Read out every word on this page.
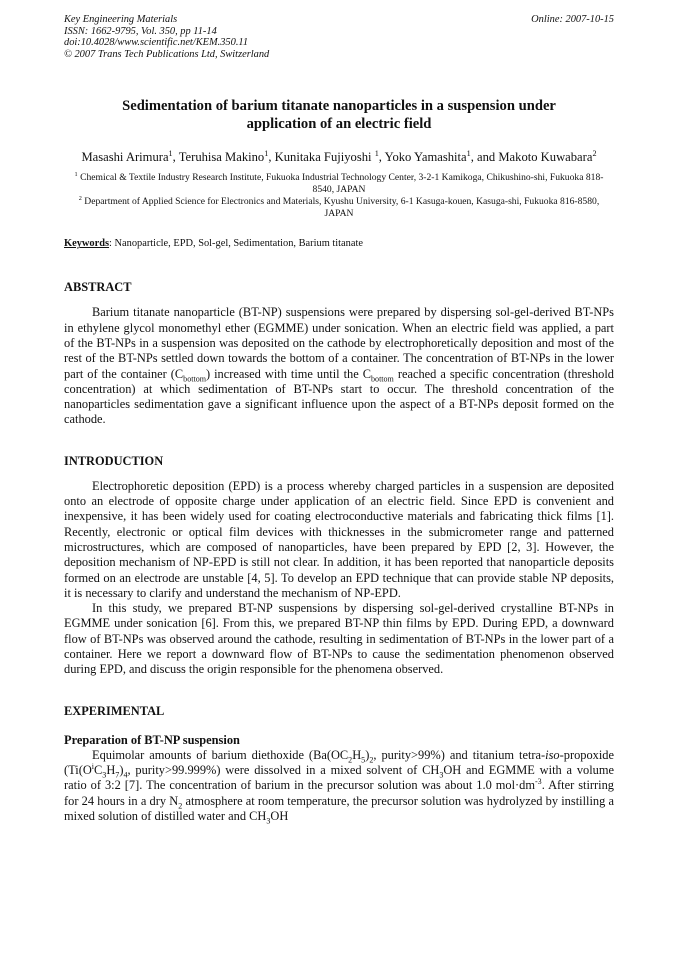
Key Engineering Materials
ISSN: 1662-9795, Vol. 350, pp 11-14
doi:10.4028/www.scientific.net/KEM.350.11
© 2007 Trans Tech Publications Ltd, Switzerland
Online: 2007-10-15
Sedimentation of barium titanate nanoparticles in a suspension under application of an electric field
Masashi Arimura$^1$, Teruhisa Makino$^1$, Kunitaka Fujiyoshi $^1$, Yoko Yamashita$^1$, and Makoto Kuwabara$^2$
$^1$ Chemical & Textile Industry Research Institute, Fukuoka Industrial Technology Center, 3-2-1 Kamikoga, Chikushino-shi, Fukuoka 818-8540, JAPAN
$^2$ Department of Applied Science for Electronics and Materials, Kyushu University, 6-1 Kasuga-kouen, Kasuga-shi, Fukuoka 816-8580, JAPAN
Keywords: Nanoparticle, EPD, Sol-gel, Sedimentation, Barium titanate
ABSTRACT

Barium titanate nanoparticle (BT-NP) suspensions were prepared by dispersing sol-gel-derived BT-NPs in ethylene glycol monomethyl ether (EGMME) under sonication. When an electric field was applied, a part of the BT-NPs in a suspension was deposited on the cathode by electrophoretically deposition and most of the rest of the BT-NPs settled down towards the bottom of a container. The concentration of BT-NPs in the lower part of the container $(C_{bottom})$ increased with time until the $C_{bottom}$ reached a specific concentration (threshold concentration) at which sedimentation of BT-NPs start to occur. The threshold concentration of the nanoparticles sedimentation gave a significant influence upon the aspect of a BT-NPs deposit formed on the cathode.

INTRODUCTION

Electrophoretic deposition (EPD) is a process whereby charged particles in a suspension are deposited onto an electrode of opposite charge under application of an electric field. Since EPD is convenient and inexpensive, it has been widely used for coating electroconductive materials and fabricating thick films [1]. Recently, electronic or optical film devices with thicknesses in the submicrometer range and patterned microstructures, which are composed of nanoparticles, have been prepared by EPD [2, 3]. However, the deposition mechanism of NP-EPD is still not clear. In addition, it has been reported that nanoparticle deposits formed on an electrode are unstable [4, 5]. To develop an EPD technique that can provide stable NP deposits, it is necessary to clarify and understand the mechanism of NP-EPD.

In this study, we prepared BT-NP suspensions by dispersing sol-gel-derived crystalline BT-NPs in EGMME under sonication [6]. From this, we prepared BT-NP thin films by EPD. During EPD, a downward flow of BT-NPs was observed around the cathode, resulting in sedimentation of BT-NPs in the lower part of a container. Here we report a downward flow of BT-NPs to cause the sedimentation phenomenon observed during EPD, and discuss the origin responsible for the phenomena observed.

EXPERIMENTAL
Preparation of BT-NP suspension

Equimolar amounts of barium diethoxide ($Ba(OC_2H_5)_2$, purity>99%) and titanium tetra-iso-propoxide ($Ti(O^iC_3H_7)_4$, purity>99.999%) were dissolved in a mixed solvent of $CH_3OH$ and EGMME with a volume ratio of 3:2 [7]. The concentration of barium in the precursor solution was about 1.0 $mol\cdot dm^{-3}$. After stirring for 24 hours in a dry $N_2$ atmosphere at room temperature, the precursor solution was hydrolyzed by instilling a mixed solution of distilled water and $CH_3OH$
